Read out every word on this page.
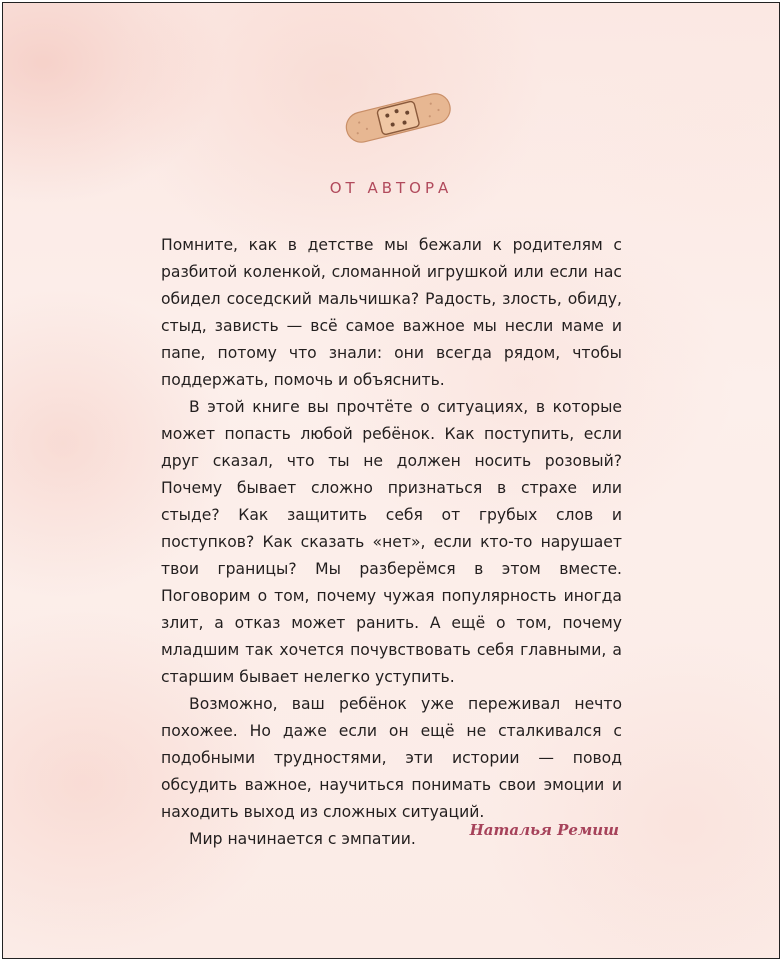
ОТ АВТОРА

Помните, как в детстве мы бежали к родителям с разбитой коленкой, сломанной игрушкой или если нас обидел соседский мальчишка? Радость, злость, обиду, стыд, зависть — всё самое важное мы несли маме и папе, потому что знали: они всегда рядом, чтобы поддержать, помочь и объяснить.

В этой книге вы прочтёте о ситуациях, в которые может попасть любой ребёнок. Как поступить, если друг сказал, что ты не должен носить розовый? Почему бывает сложно признаться в страхе или стыде? Как защитить себя от грубых слов и поступков? Как сказать «нет», если кто-то нарушает твои границы? Мы разберёмся в этом вместе. Поговорим о том, почему чужая популярность иногда злит, а отказ может ранить. А ещё о том, почему младшим так хочется почувствовать себя главными, а старшим бывает нелегко уступить.

Возможно, ваш ребёнок уже переживал нечто похожее. Но даже если он ещё не сталкивался с подобными трудностями, эти истории — повод обсудить важное, научиться понимать свои эмоции и находить выход из сложных ситуаций.

Мир начинается с эмпатии.	Наталья Ремиш
